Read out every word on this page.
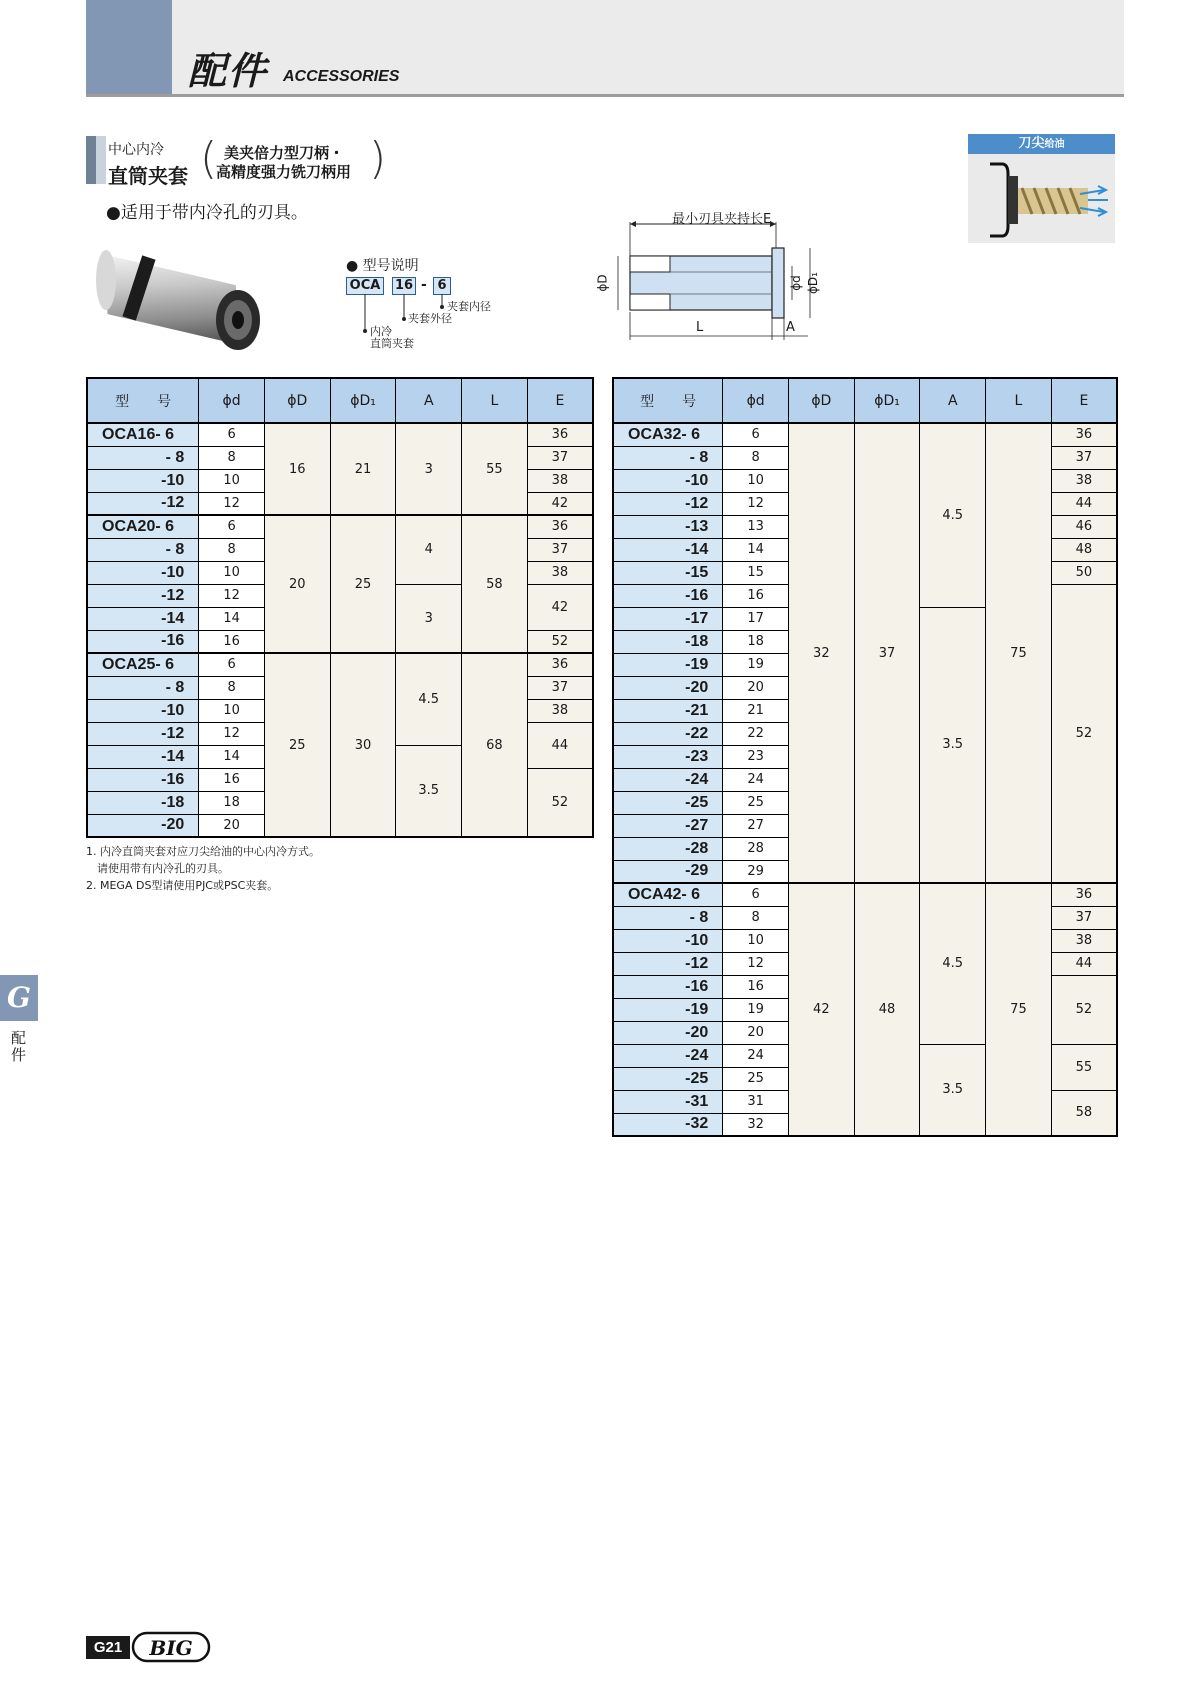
配件 ACCESSORIES
中心内冷
直筒夹套 (	)
美夹倍力型刀柄・
高精度强力铣刀柄用
●适用于带内冷孔的刃具。
刀尖给油
● 型号说明
OCA 16 - 6
夹套内径
夹套外径
内冷
直筒夹套
最小刃具夹持长E
ϕD	ϕd ϕD₁
L	A
型　　号	ϕd	ϕD	ϕD₁	A	L	E
OCA16- 6	6	16	21	3	55	36
- 8	8					37
-10	10					38
-12	12					42
OCA20- 6	6	20	25	4	58	36
- 8	8					37
-10	10					38
-12	12			3		42
-14	14					
-16	16					52
OCA25- 6	6	25	30	4.5	68	36
- 8	8					37
-10	10					38
-12	12					44
-14	14			3.5		
-16	16					52
-18	18					
-20	20					
1. 内冷直筒夹套对应刀尖给油的中心内冷方式。
　请使用带有内冷孔的刃具。
2. MEGA DS型请使用PJC或PSC夹套。
型　　号	ϕd	ϕD	ϕD₁	A	L	E
OCA32- 6	6	32	37	4.5	75	36
- 8	8					37
-10	10					38
-12	12					44
-13	13					46
-14	14					48
-15	15					50
-16	16					52
-17	17			3.5		
-18	18					
-19	19					
-20	20					
-21	21					
-22	22					
-23	23					
-24	24					
-25	25					
-27	27					
-28	28					
-29	29					
OCA42- 6	6	42	48	4.5	75	36
- 8	8					37
-10	10					38
-12	12					44
-16	16					52
-19	19					
-20	20					
-24	24			3.5		55
-25	25					
-31	31					58
-32	32					
G
配件
G21	BIG
